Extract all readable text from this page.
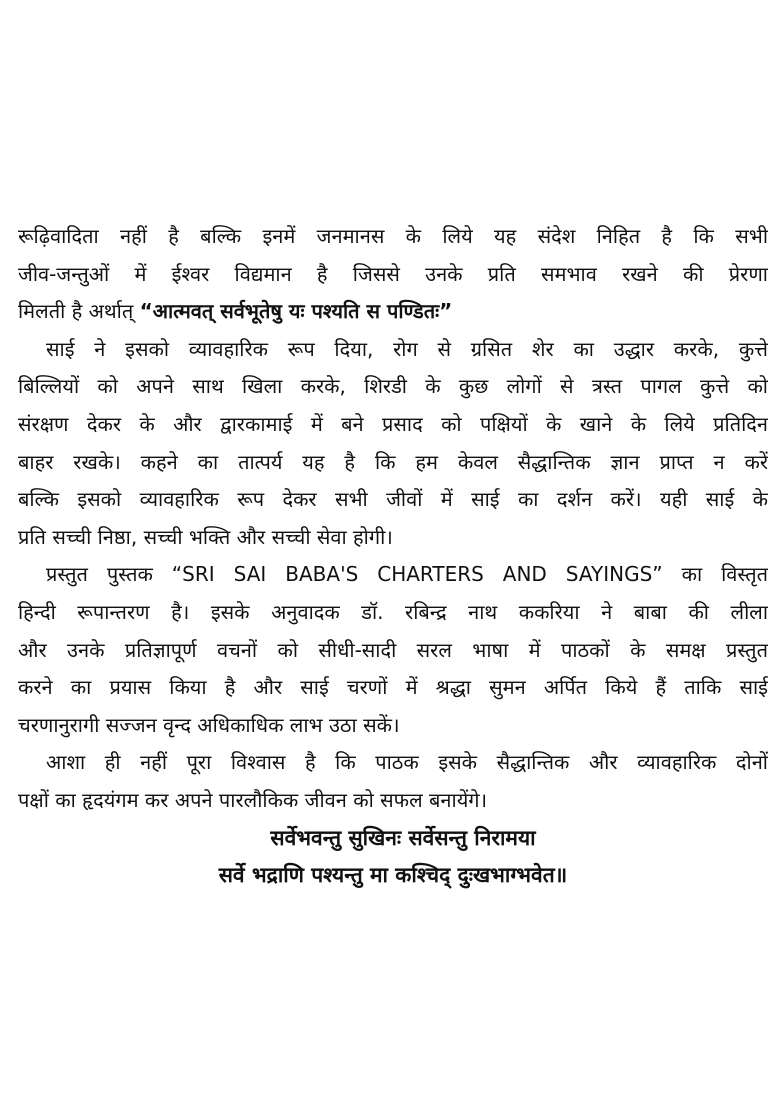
रूढ़िवादिता नहीं है बल्कि इनमें जनमानस के लिये यह संदेश निहित है कि सभी
जीव-जन्तुओं में ईश्वर विद्यमान है जिससे उनके प्रति समभाव रखने की प्रेरणा
मिलती है अर्थात् “आत्मवत् सर्वभूतेषु यः पश्यति स पण्डितः”
साई ने इसको व्यावहारिक रूप दिया, रोग से ग्रसित शेर का उद्धार करके, कुत्ते
बिल्लियों को अपने साथ खिला करके, शिरडी के कुछ लोगों से त्रस्त पागल कुत्ते को
संरक्षण देकर के और द्वारकामाई में बने प्रसाद को पक्षियों के खाने के लिये प्रतिदिन
बाहर रखके। कहने का तात्पर्य यह है कि हम केवल सैद्धान्तिक ज्ञान प्राप्त न करें
बल्कि इसको व्यावहारिक रूप देकर सभी जीवों में साई का दर्शन करें। यही साई के
प्रति सच्ची निष्ठा, सच्ची भक्ति और सच्ची सेवा होगी।
प्रस्तुत पुस्तक “SRI SAI BABA'S CHARTERS AND SAYINGS” का विस्तृत
हिन्दी रूपान्तरण है। इसके अनुवादक डॉ. रबिन्द्र नाथ ककरिया ने बाबा की लीला
और उनके प्रतिज्ञापूर्ण वचनों को सीधी-सादी सरल भाषा में पाठकों के समक्ष प्रस्तुत
करने का प्रयास किया है और साई चरणों में श्रद्धा सुमन अर्पित किये हैं ताकि साई
चरणानुरागी सज्जन वृन्द अधिकाधिक लाभ उठा सकें।
आशा ही नहीं पूरा विश्वास है कि पाठक इसके सैद्धान्तिक और व्यावहारिक दोनों
पक्षों का हृदयंगम कर अपने पारलौकिक जीवन को सफल बनायेंगे।
सर्वेभवन्तु सुखिनः सर्वेसन्तु निरामया
सर्वे भद्राणि पश्यन्तु मा कश्चिद् दुःखभाग्भवेत॥
